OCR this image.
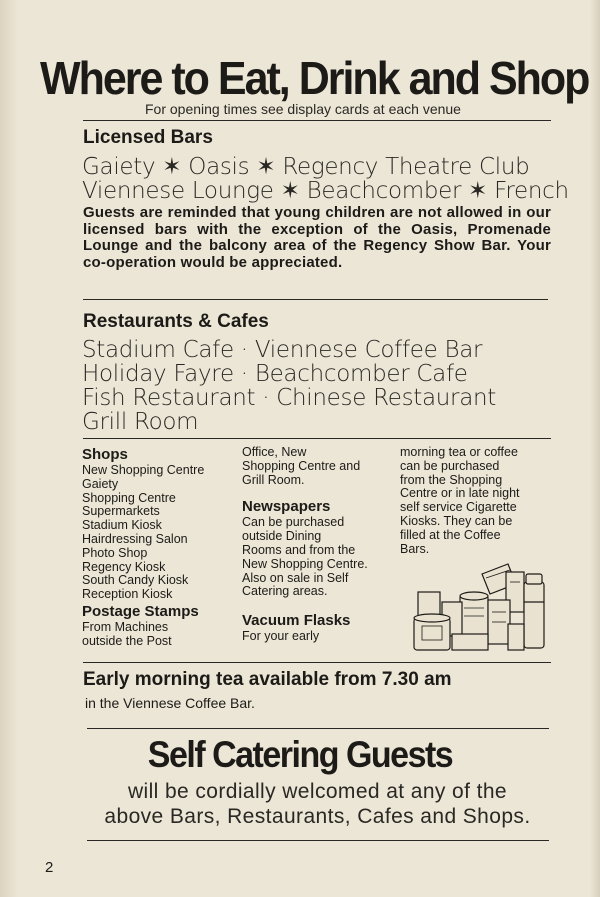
Where to Eat, Drink and Shop
For opening times see display cards at each venue
Licensed Bars
Gaiety ✶ Oasis ✶ Regency Theatre Club
Viennese Lounge ✶ Beachcomber ✶ French
Guests are reminded that young children are not allowed in our licensed bars with the exception of the Oasis, Promenade Lounge and the balcony area of the Regency Show Bar. Your co-operation would be appreciated.
Restaurants & Cafes
Stadium Cafe · Viennese Coffee Bar
Holiday Fayre · Beachcomber Cafe
Fish Restaurant · Chinese Restaurant
Grill Room
Shops
New Shopping Centre
Gaiety
Shopping Centre
Supermarkets
Stadium Kiosk
Hairdressing Salon
Photo Shop
Regency Kiosk
South Candy Kiosk
Reception Kiosk
Postage Stamps
From Machines
outside the Post
Office, New
Shopping Centre and
Grill Room.
Newspapers
Can be purchased
outside Dining
Rooms and from the
New Shopping Centre.
Also on sale in Self
Catering areas.
Vacuum Flasks
For your early
morning tea or coffee
can be purchased
from the Shopping
Centre or in late night
self service Cigarette
Kiosks. They can be
filled at the Coffee
Bars.
Early morning tea available from 7.30 am
in the Viennese Coffee Bar.
Self Catering Guests
will be cordially welcomed at any of the
above Bars, Restaurants, Cafes and Shops.
2
